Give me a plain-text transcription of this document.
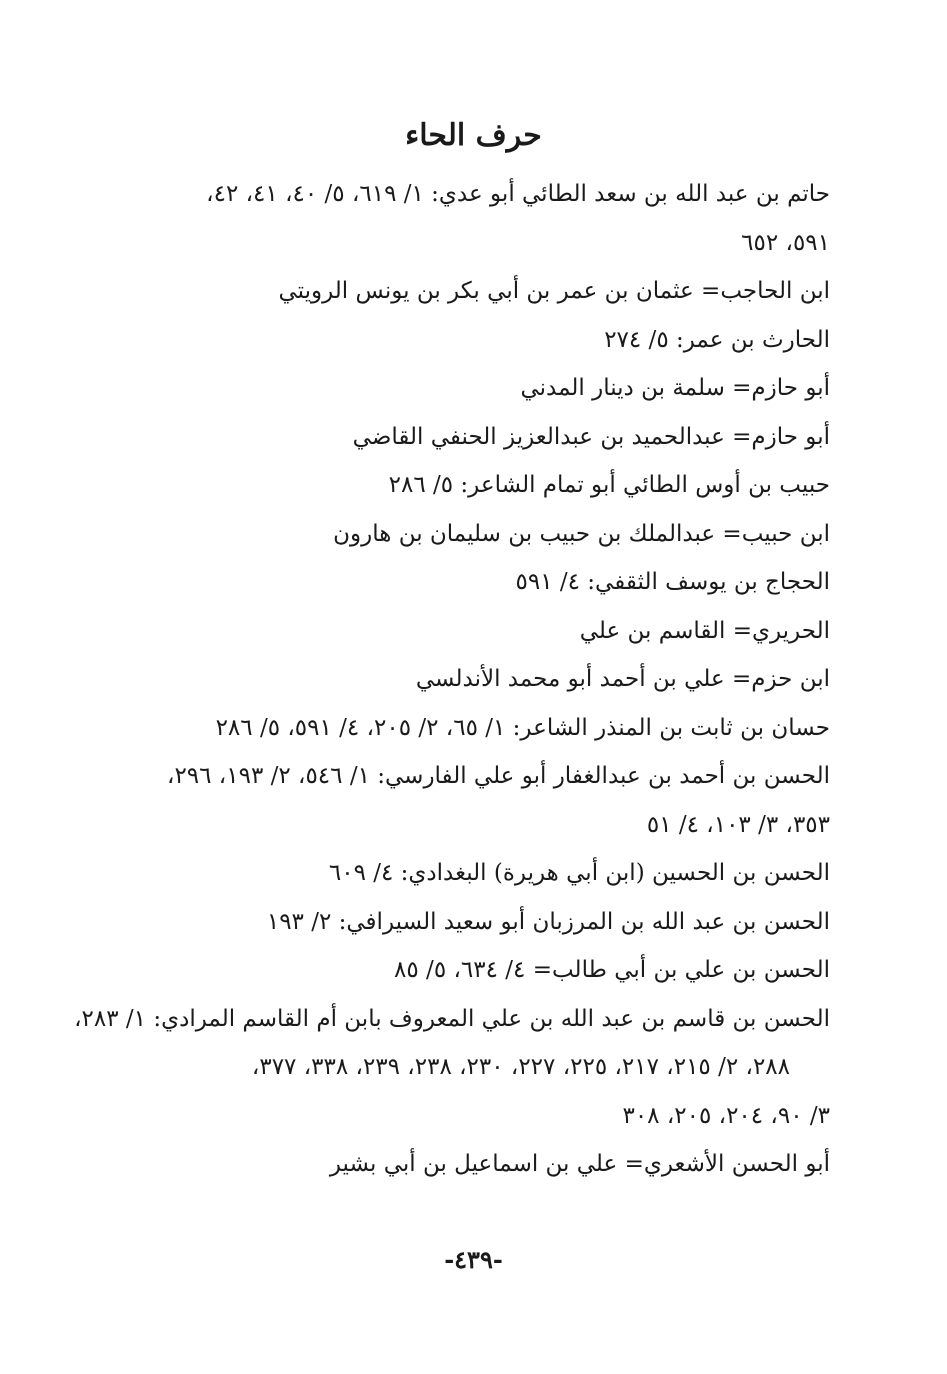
حرف الحاء
حاتم بن عبد الله بن سعد الطائي أبو عدي: ١/ ٦١٩، ٥/ ٤٠، ٤١، ٤٢،
٥٩١، ٦٥٢
ابن الحاجب= عثمان بن عمر بن أبي بكر بن يونس الرويتي
الحارث بن عمر: ٥/ ٢٧٤
أبو حازم= سلمة بن دينار المدني
أبو حازم= عبدالحميد بن عبدالعزيز الحنفي القاضي
حبيب بن أوس الطائي أبو تمام الشاعر: ٥/ ٢٨٦
ابن حبيب= عبدالملك بن حبيب بن سليمان بن هارون
الحجاج بن يوسف الثقفي: ٤/ ٥٩١
الحريري= القاسم بن علي
ابن حزم= علي بن أحمد أبو محمد الأندلسي
حسان بن ثابت بن المنذر الشاعر: ١/ ٦٥، ٢/ ٢٠٥، ٤/ ٥٩١، ٥/ ٢٨٦
الحسن بن أحمد بن عبدالغفار أبو علي الفارسي: ١/ ٥٤٦، ٢/ ١٩٣، ٢٩٦،
٣٥٣، ٣/ ١٠٣، ٤/ ٥١
الحسن بن الحسين (ابن أبي هريرة) البغدادي: ٤/ ٦٠٩
الحسن بن عبد الله بن المرزبان أبو سعيد السيرافي: ٢/ ١٩٣
الحسن بن علي بن أبي طالب= ٤/ ٦٣٤، ٥/ ٨٥
الحسن بن قاسم بن عبد الله بن علي المعروف بابن أم القاسم المرادي: ١/ ٢٨٣،
٢٨٨، ٢/ ٢١٥، ٢١٧، ٢٢٥، ٢٢٧، ٢٣٠، ٢٣٨، ٢٣٩، ٣٣٨، ٣٧٧،
٣/ ٩٠، ٢٠٤، ٢٠٥، ٣٠٨
أبو الحسن الأشعري= علي بن اسماعيل بن أبي بشير
-٤٣٩-
